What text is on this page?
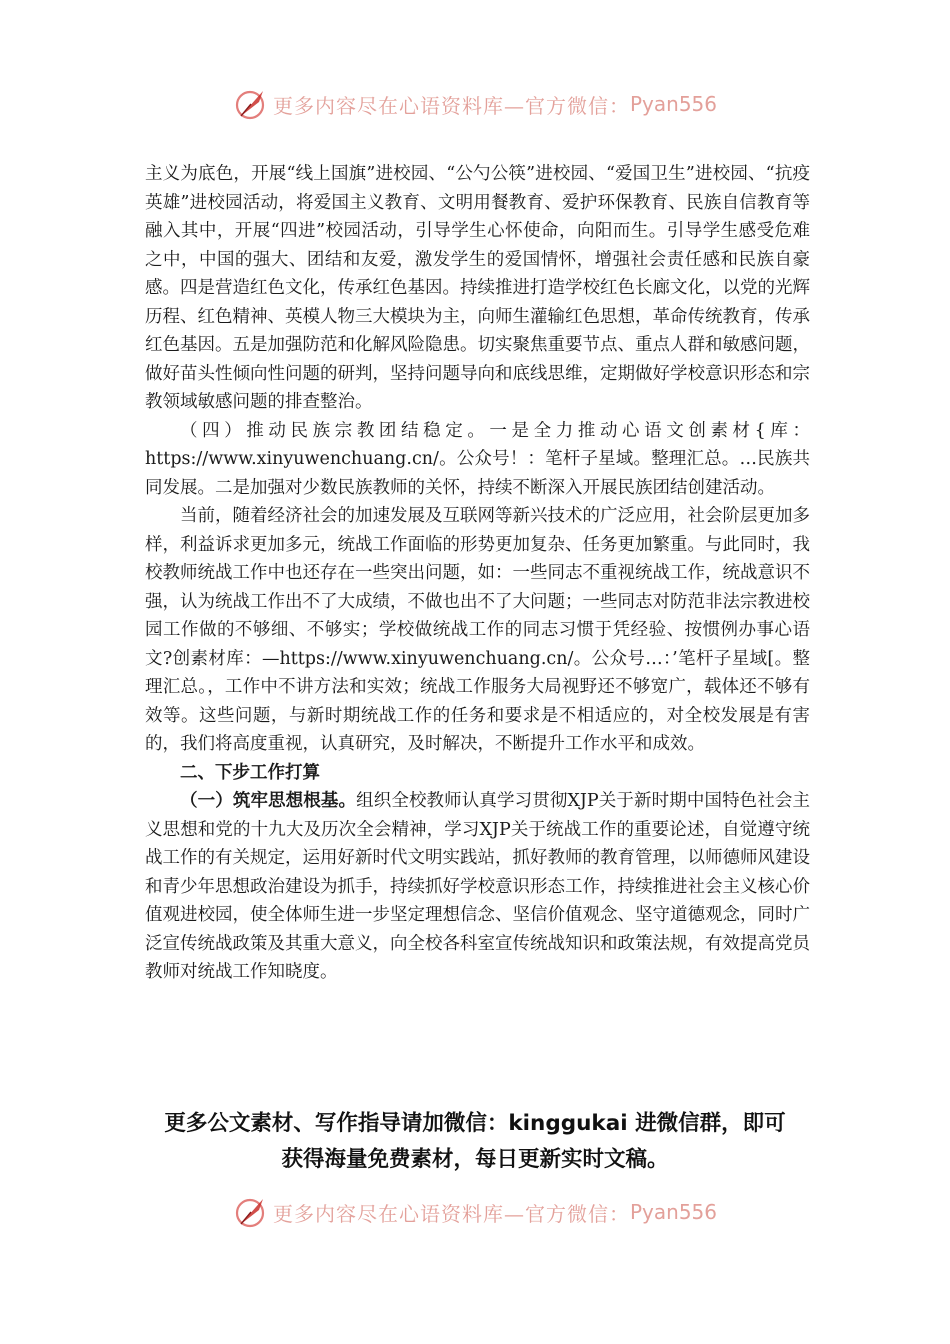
更多内容尽在心语资料库—官方微信： Pyan556

主义为底色，开展“线上国旗”进校园、“公勺公筷”进校园、“爱国卫生”进校园、“抗疫英雄”进校园活动，将爱国主义教育、文明用餐教育、爱护环保教育、民族自信教育等融入其中，开展“四进”校园活动，引导学生心怀使命，向阳而生。引导学生感受危难之中，中国的强大、团结和友爱，激发学生的爱国情怀，增强社会责任感和民族自豪感。四是营造红色文化，传承红色基因。持续推进打造学校红色长廊文化，以党的光辉历程、红色精神、英模人物三大模块为主，向师生灌输红色思想，革命传统教育，传承红色基因。五是加强防范和化解风险隐患。切实聚焦重要节点、重点人群和敏感问题，做好苗头性倾向性问题的研判，坚持问题导向和底线思维，定期做好学校意识形态和宗教领域敏感问题的排查整治。

（四）推动民族宗教团结稳定。一是全力推动心语文创素材{库：https://www.xinyuwenchuang.cn/。公众号！：笔杆子星域。整理汇总。…民族共同发展。二是加强对少数民族教师的关怀，持续不断深入开展民族团结创建活动。

当前，随着经济社会的加速发展及互联网等新兴技术的广泛应用，社会阶层更加多样，利益诉求更加多元，统战工作面临的形势更加复杂、任务更加繁重。与此同时，我校教师统战工作中也还存在一些突出问题，如：一些同志不重视统战工作，统战意识不强，认为统战工作出不了大成绩，不做也出不了大问题；一些同志对防范非法宗教进校园工作做的不够细、不够实；学校做统战工作的同志习惯于凭经验、按惯例办事心语文?创素材库：—https://www.xinyuwenchuang.cn/。公众号…：’笔杆子星域[。整理汇总。，工作中不讲方法和实效；统战工作服务大局视野还不够宽广，载体还不够有效等。这些问题，与新时期统战工作的任务和要求是不相适应的，对全校发展是有害的，我们将高度重视，认真研究，及时解决，不断提升工作水平和成效。

二、下步工作打算

（一）筑牢思想根基。组织全校教师认真学习贯彻XJP关于新时期中国特色社会主义思想和党的十九大及历次全会精神，学习XJP关于统战工作的重要论述，自觉遵守统战工作的有关规定，运用好新时代文明实践站，抓好教师的教育管理，以师德师风建设和青少年思想政治建设为抓手，持续抓好学校意识形态工作，持续推进社会主义核心价值观进校园，使全体师生进一步坚定理想信念、坚信价值观念、坚守道德观念，同时广泛宣传统战政策及其重大意义，向全校各科室宣传统战知识和政策法规，有效提高党员教师对统战工作知晓度。

更多公文素材、写作指导请加微信：kinggukai 进微信群，即可
获得海量免费素材，每日更新实时文稿。
更多内容尽在心语资料库—官方微信： Pyan556
